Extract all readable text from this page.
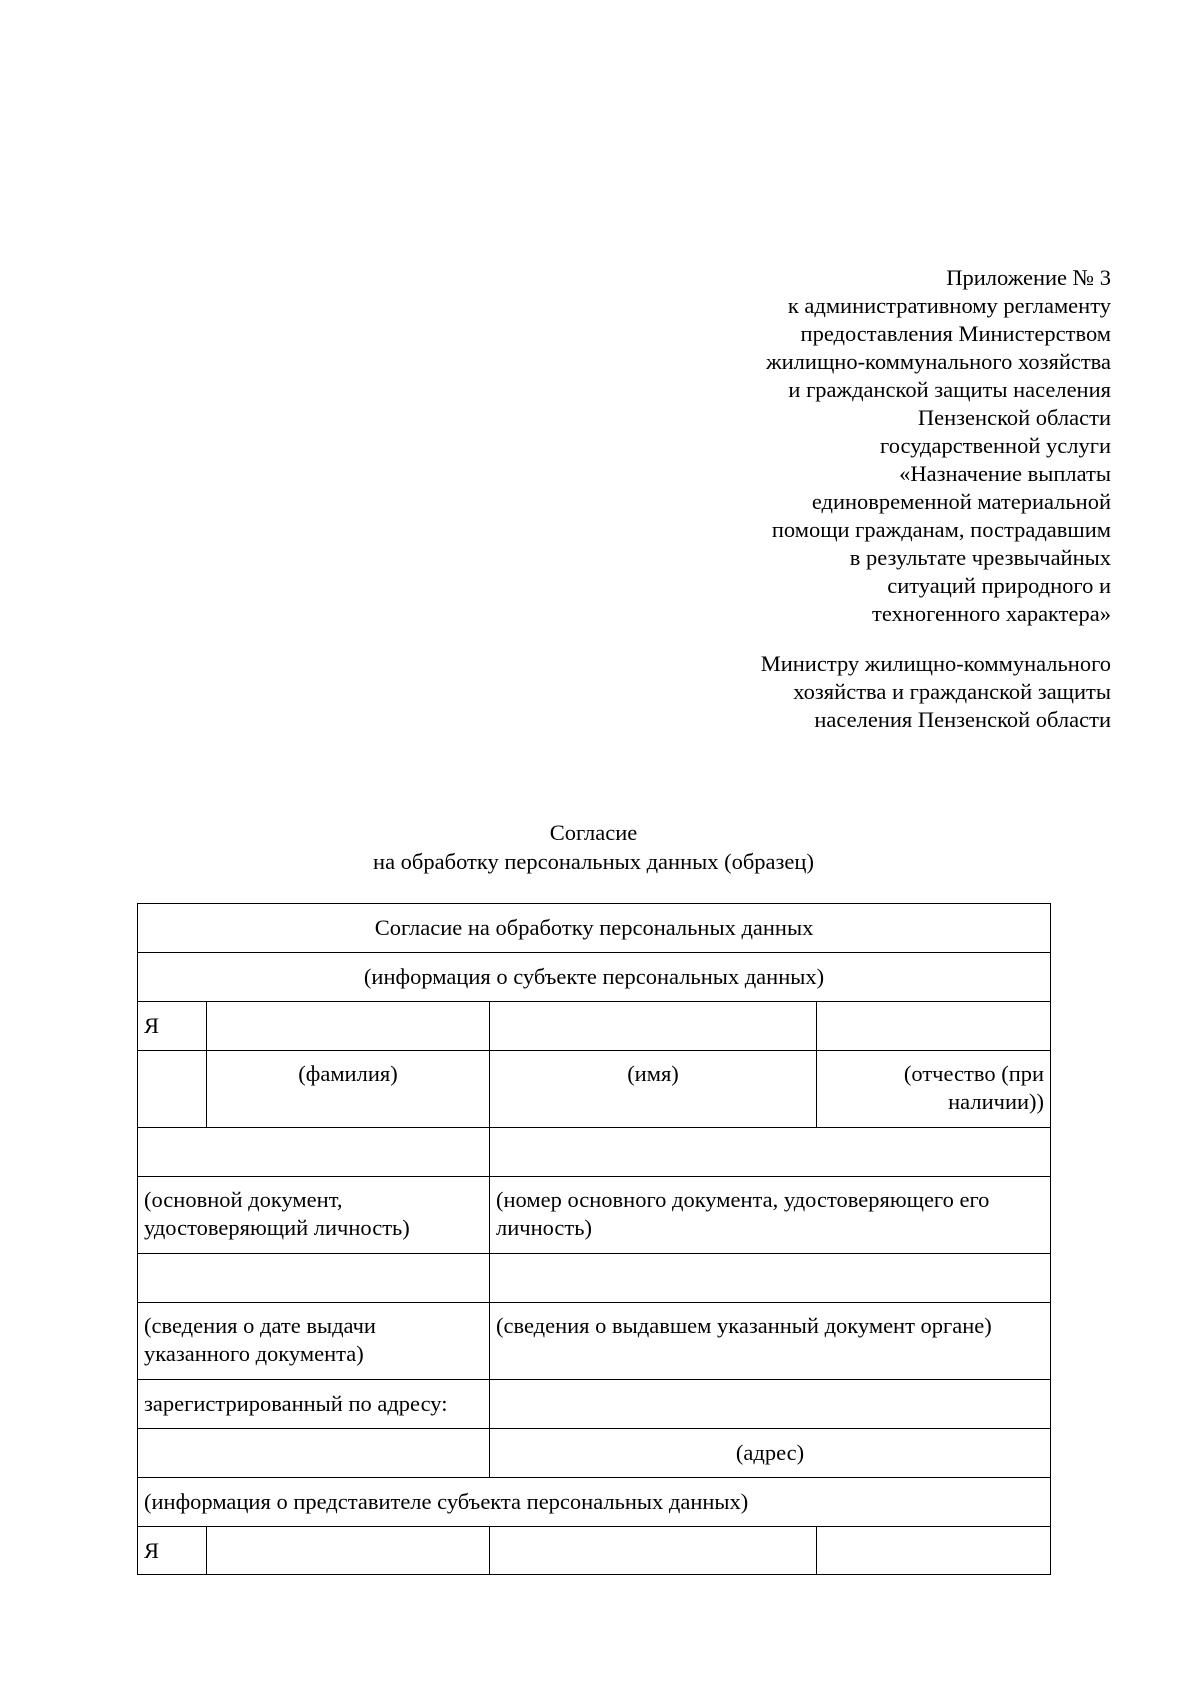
Приложение № 3
к административному регламенту
предоставления Министерством
жилищно-коммунального хозяйства
и гражданской защиты населения
Пензенской области
государственной услуги
«Назначение выплаты
единовременной материальной
помощи гражданам, пострадавшим
в результате чрезвычайных
ситуаций природного и
техногенного характера»
Министру жилищно-коммунального
хозяйства и гражданской защиты
населения Пензенской области
Согласие
на обработку персональных данных (образец)
Согласие на обработку персональных данных			
(информация о субъекте персональных данных)			
Я			
	(фамилия)	(имя)	(отчество (при наличии))

(основной документ, удостоверяющий личность)		(номер основного документа, удостоверяющего его личность)	

(сведения о дате выдачи указанного документа)		(сведения о выдавшем указанный документ органе)	
зарегистрированный по адресу:			
		(адрес)	
(информация о представителе субъекта персональных данных)			
Я			
